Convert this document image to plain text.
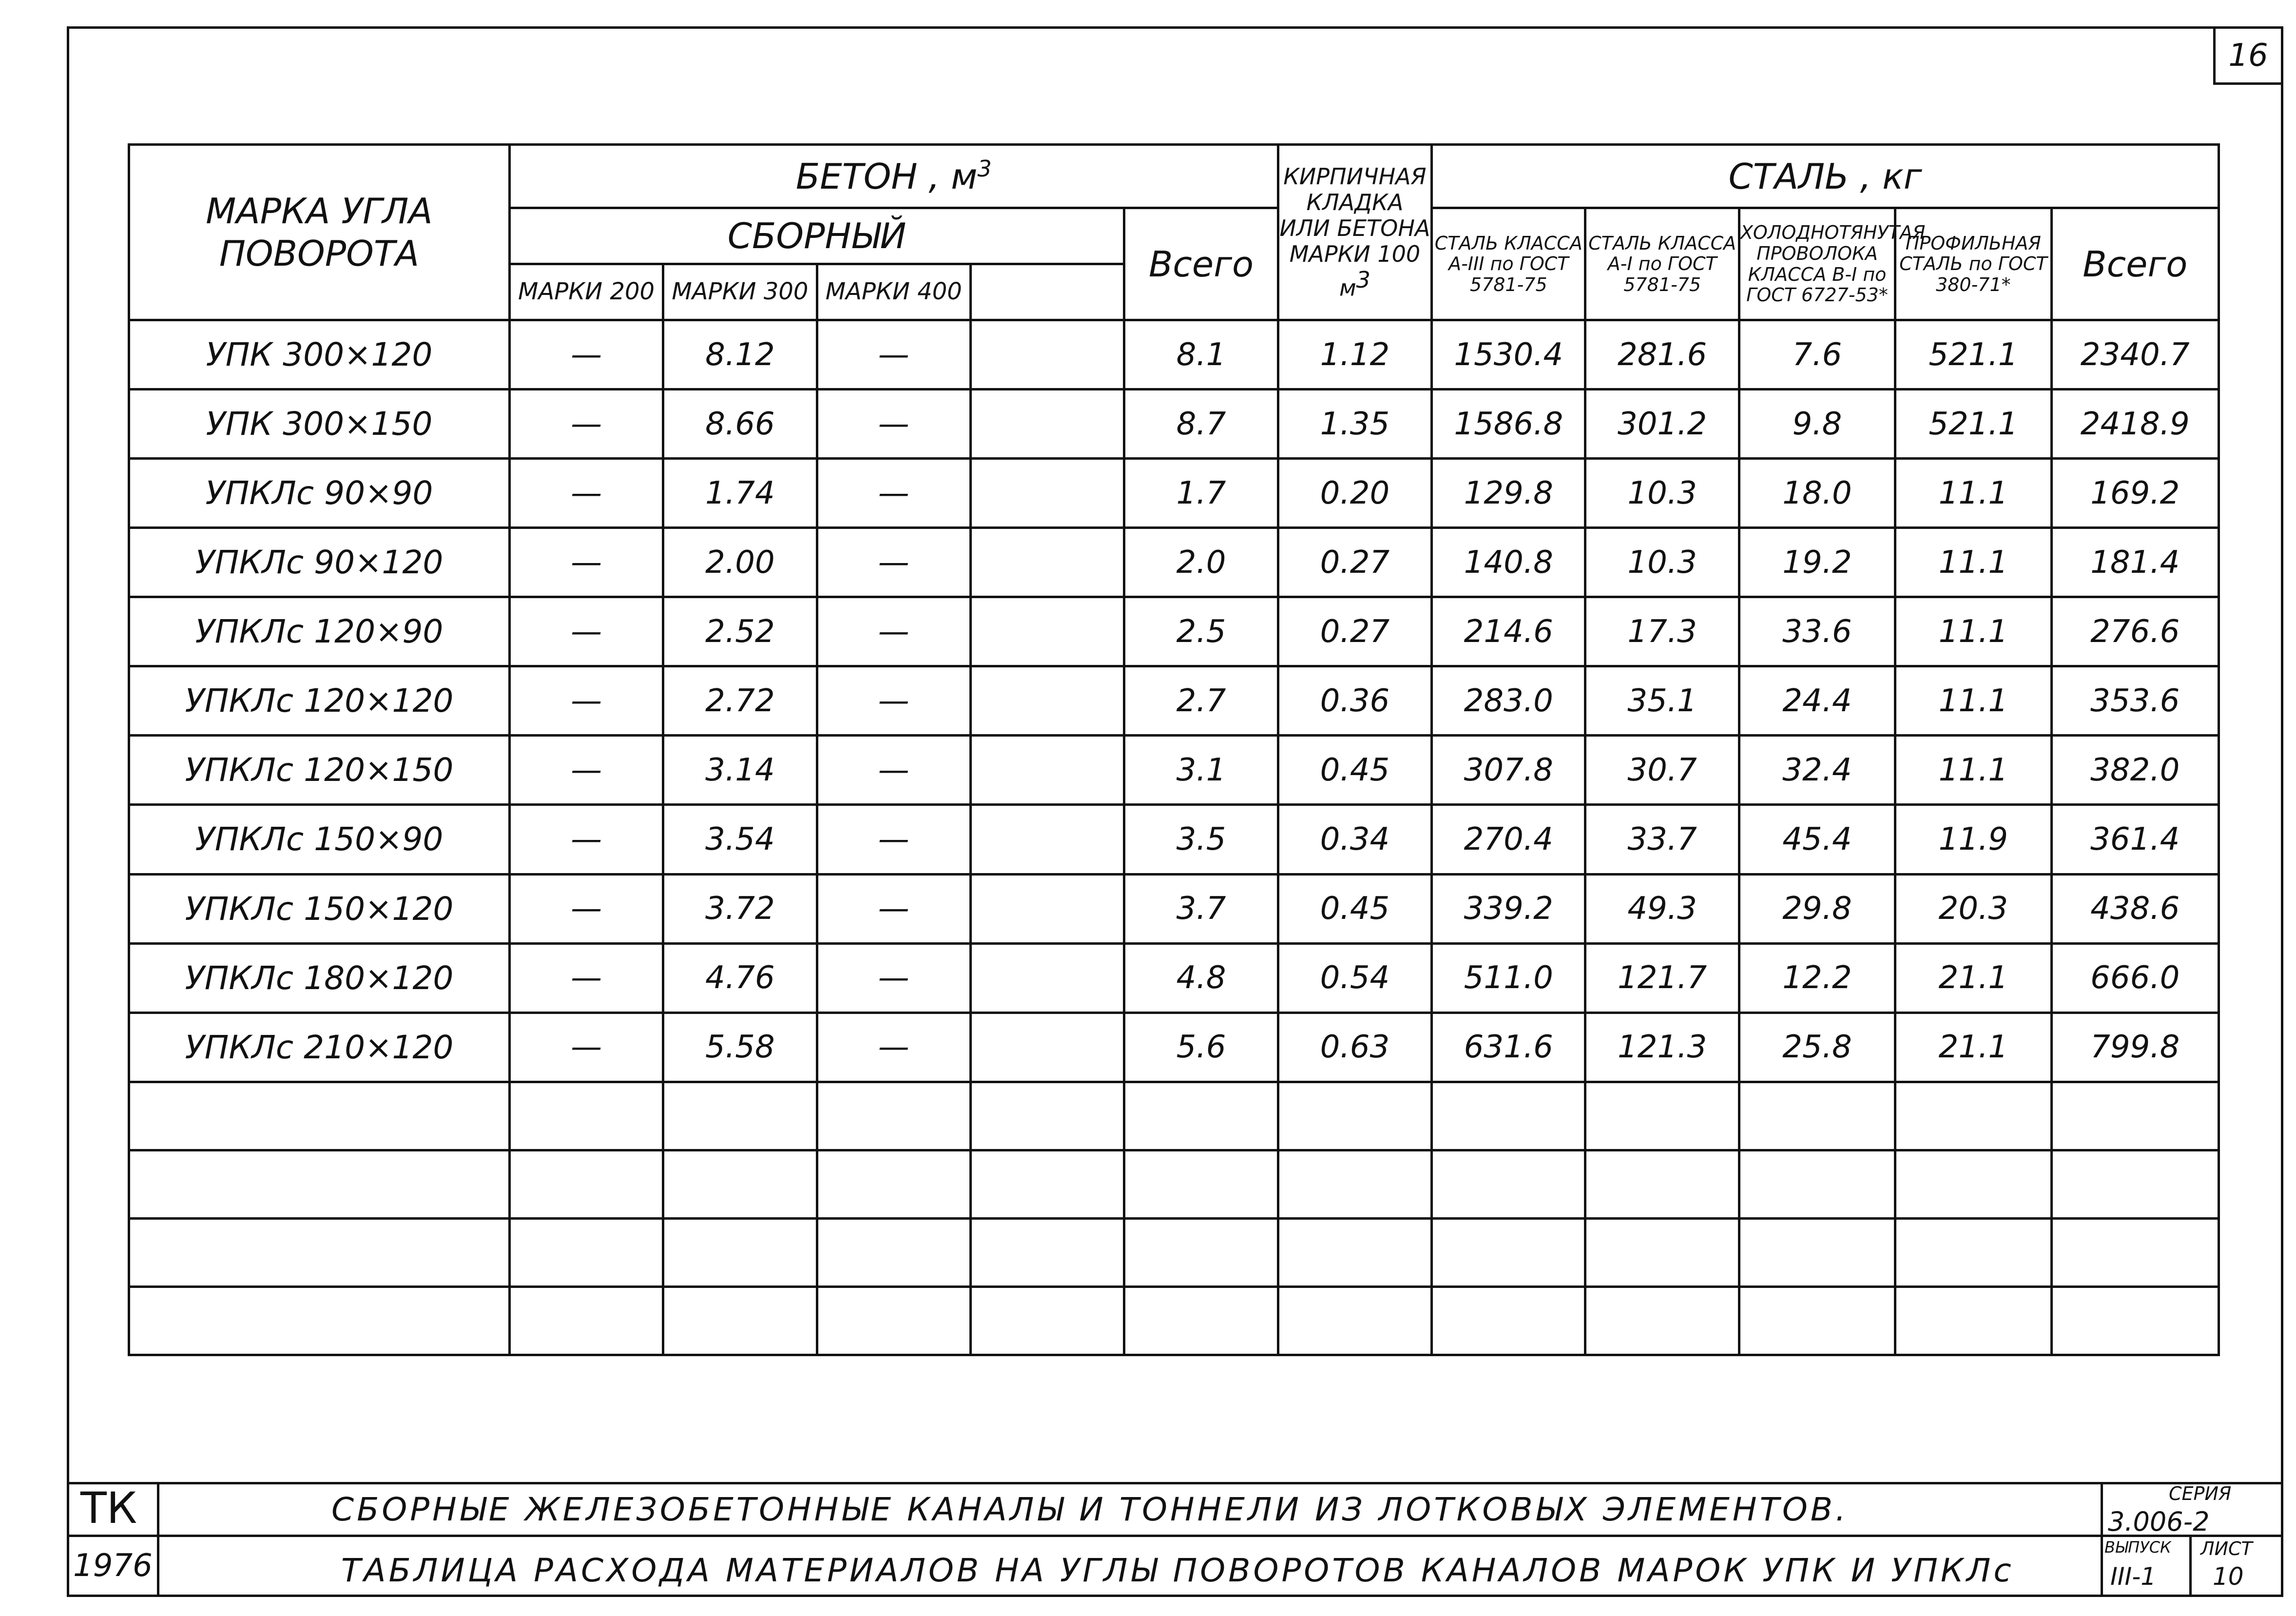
16
МАРКА УГЛА ПОВОРОТА	БЕТОН , $м^3$					КИРПИЧНАЯ КЛАДКА ИЛИ БЕТОНА МАРКИ 100 м3	СТАЛЬ , кг				
	СБОРНЫЙ				Всего		СТАЛЬ КЛАССА А-III по ГОСТ 5781-75	СТАЛЬ КЛАССА А-I по ГОСТ 5781-75	ХОЛОДНОТЯНУТАЯ ПРОВОЛОКА КЛАССА В-I по ГОСТ 6727-53*	ПРОФИЛЬНАЯ СТАЛЬ по ГОСТ 380-71*	Всего
	МАРКИ 200	МАРКИ 300	МАРКИ 400								
УПК 300×120	—	8.12	—		8.1	1.12	1530.4	281.6	7.6	521.1	2340.7
УПК 300×150	—	8.66	—		8.7	1.35	1586.8	301.2	9.8	521.1	2418.9
УПКЛс 90×90	—	1.74	—		1.7	0.20	129.8	10.3	18.0	11.1	169.2
УПКЛс 90×120	—	2.00	—		2.0	0.27	140.8	10.3	19.2	11.1	181.4
УПКЛс 120×90	—	2.52	—		2.5	0.27	214.6	17.3	33.6	11.1	276.6
УПКЛс 120×120	—	2.72	—		2.7	0.36	283.0	35.1	24.4	11.1	353.6
УПКЛс 120×150	—	3.14	—		3.1	0.45	307.8	30.7	32.4	11.1	382.0
УПКЛс 150×90	—	3.54	—		3.5	0.34	270.4	33.7	45.4	11.9	361.4
УПКЛс 150×120	—	3.72	—		3.7	0.45	339.2	49.3	29.8	20.3	438.6
УПКЛс 180×120	—	4.76	—		4.8	0.54	511.0	121.7	12.2	21.1	666.0
УПКЛс 210×120	—	5.58	—		5.6	0.63	631.6	121.3	25.8	21.1	799.8

ТК
1976
СБОРНЫЕ ЖЕЛЕЗОБЕТОННЫЕ КАНАЛЫ И ТОННЕЛИ ИЗ ЛОТКОВЫХ ЭЛЕМЕНТОВ.
ТАБЛИЦА РАСХОДА МАТЕРИАЛОВ НА УГЛЫ ПОВОРОТОВ КАНАЛОВ МАРОК УПК И УПКЛс
СЕРИЯ
3.006-2
ВЫПУСК
III-1
ЛИСТ
10
